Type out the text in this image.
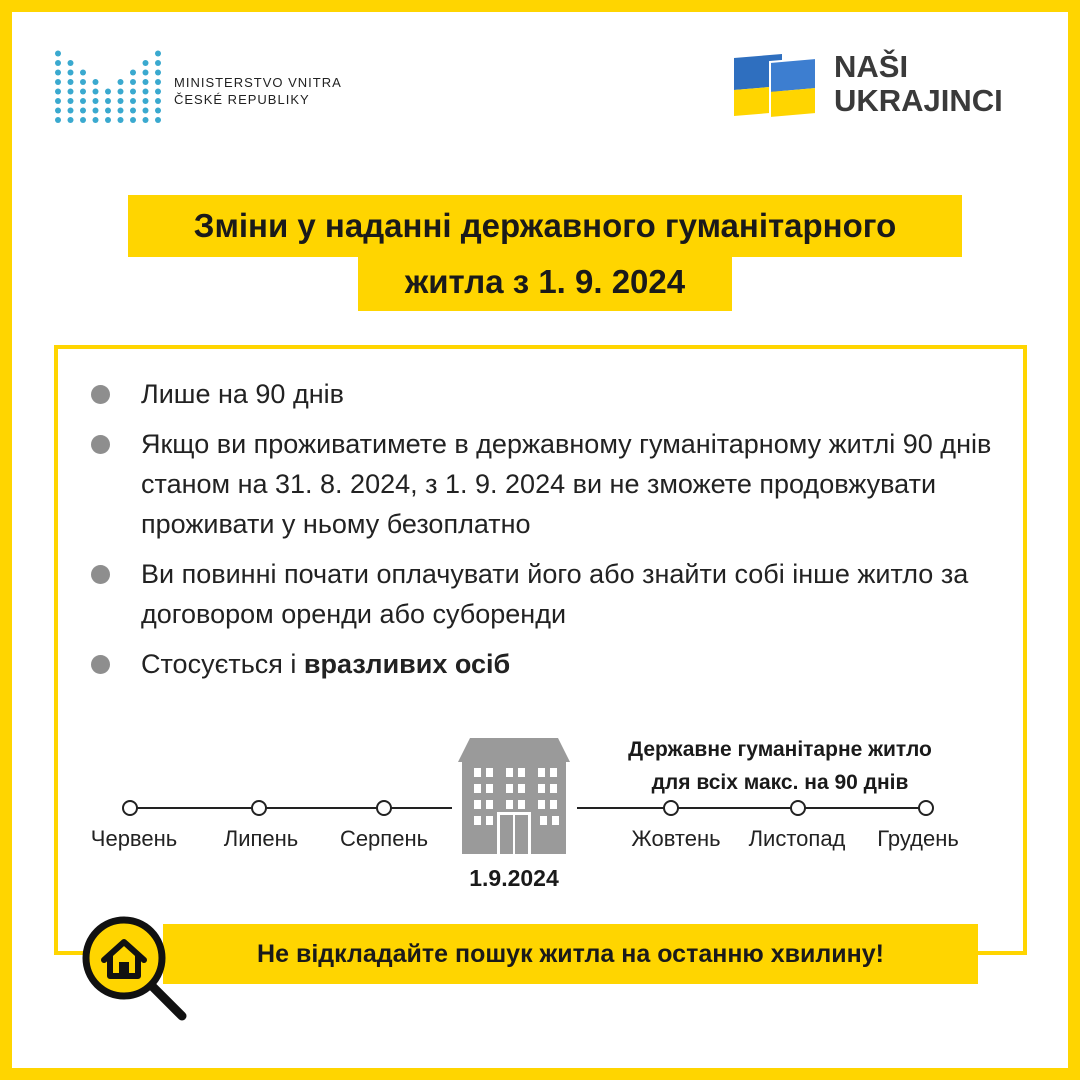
MINISTERSTVO VNITRA
ČESKÉ REPUBLIKY
NAŠI
UKRAJINCI
Зміни у наданні державного гуманітарного
житла з 1. 9. 2024
Лише на 90 днів
Якщо ви проживатимете в державному гуманітарному житлі 90 днів станом на 31. 8. 2024, з 1. 9. 2024 ви не зможете продовжувати проживати у ньому безоплатно
Ви повинні почати оплачувати його або знайти собі інше житло за договором оренди або суборенди
Стосується і вразливих осіб
Червень Липень Серпень	Жовтень Листопад Грудень
1.9.2024
Державне гуманітарне житло
для всіх макс. на 90 днів
Не відкладайте пошук житла на останню хвилину!
